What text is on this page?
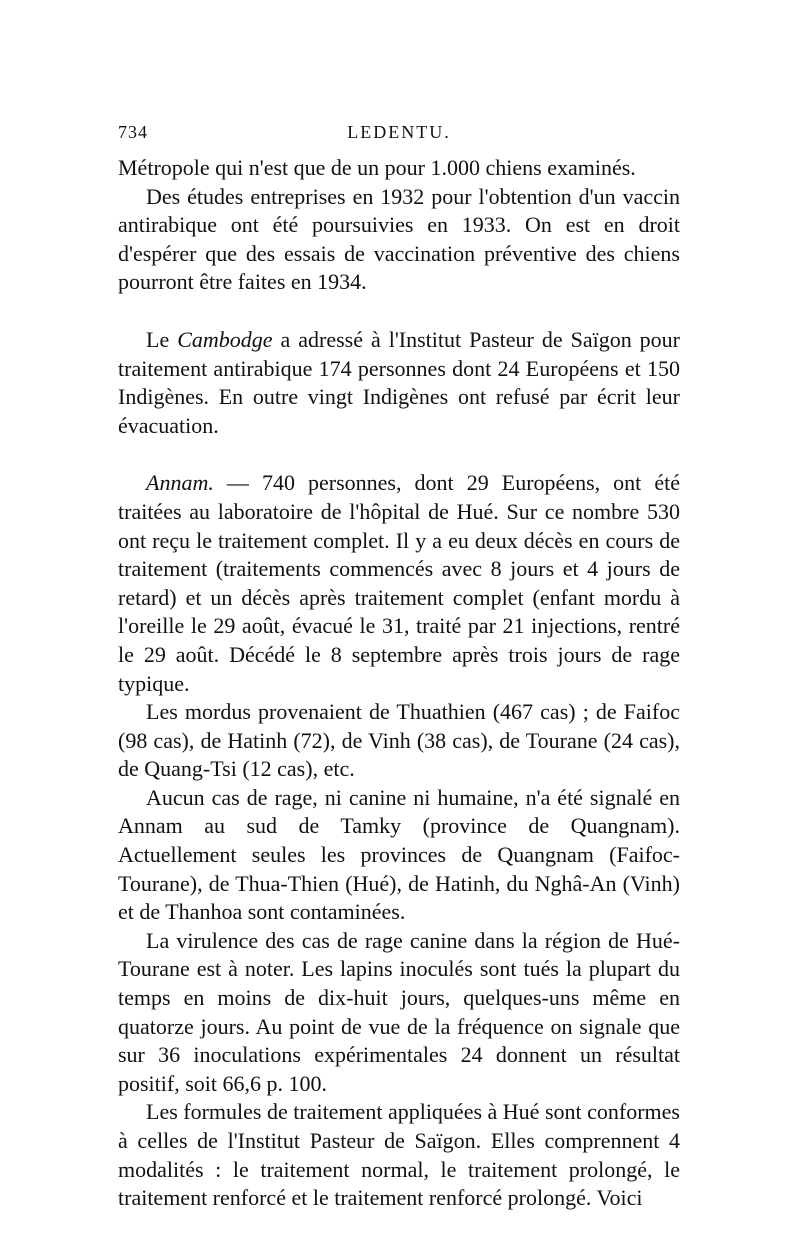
734	LEDENTU.

Métropole qui n'est que de un pour 1.000 chiens examinés.

Des études entreprises en 1932 pour l'obtention d'un vaccin antirabique ont été poursuivies en 1933. On est en droit d'espérer que des essais de vaccination préventive des chiens pourront être faites en 1934.

Le Cambodge a adressé à l'Institut Pasteur de Saïgon pour traitement antirabique 174 personnes dont 24 Européens et 150 Indigènes. En outre vingt Indigènes ont refusé par écrit leur évacuation.

Annam. — 740 personnes, dont 29 Européens, ont été traitées au laboratoire de l'hôpital de Hué. Sur ce nombre 530 ont reçu le traitement complet. Il y a eu deux décès en cours de traitement (traitements commencés avec 8 jours et 4 jours de retard) et un décès après traitement complet (enfant mordu à l'oreille le 29 août, évacué le 31, traité par 21 injections, rentré le 29 août. Décédé le 8 septembre après trois jours de rage typique.

Les mordus provenaient de Thuathien (467 cas) ; de Faifoc (98 cas), de Hatinh (72), de Vinh (38 cas), de Tourane (24 cas), de Quang-Tsi (12 cas), etc.

Aucun cas de rage, ni canine ni humaine, n'a été signalé en Annam au sud de Tamky (province de Quangnam). Actuellement seules les provinces de Quangnam (Faifoc-Tourane), de Thua-Thien (Hué), de Hatinh, du Nghâ-An (Vinh) et de Thanhoa sont contaminées.

La virulence des cas de rage canine dans la région de Hué-Tourane est à noter. Les lapins inoculés sont tués la plupart du temps en moins de dix-huit jours, quelques-uns même en quatorze jours. Au point de vue de la fréquence on signale que sur 36 inoculations expérimentales 24 donnent un résultat positif, soit 66,6 p. 100.

Les formules de traitement appliquées à Hué sont conformes à celles de l'Institut Pasteur de Saïgon. Elles comprennent 4 modalités : le traitement normal, le traitement prolongé, le traitement renforcé et le traitement renforcé prolongé. Voici
